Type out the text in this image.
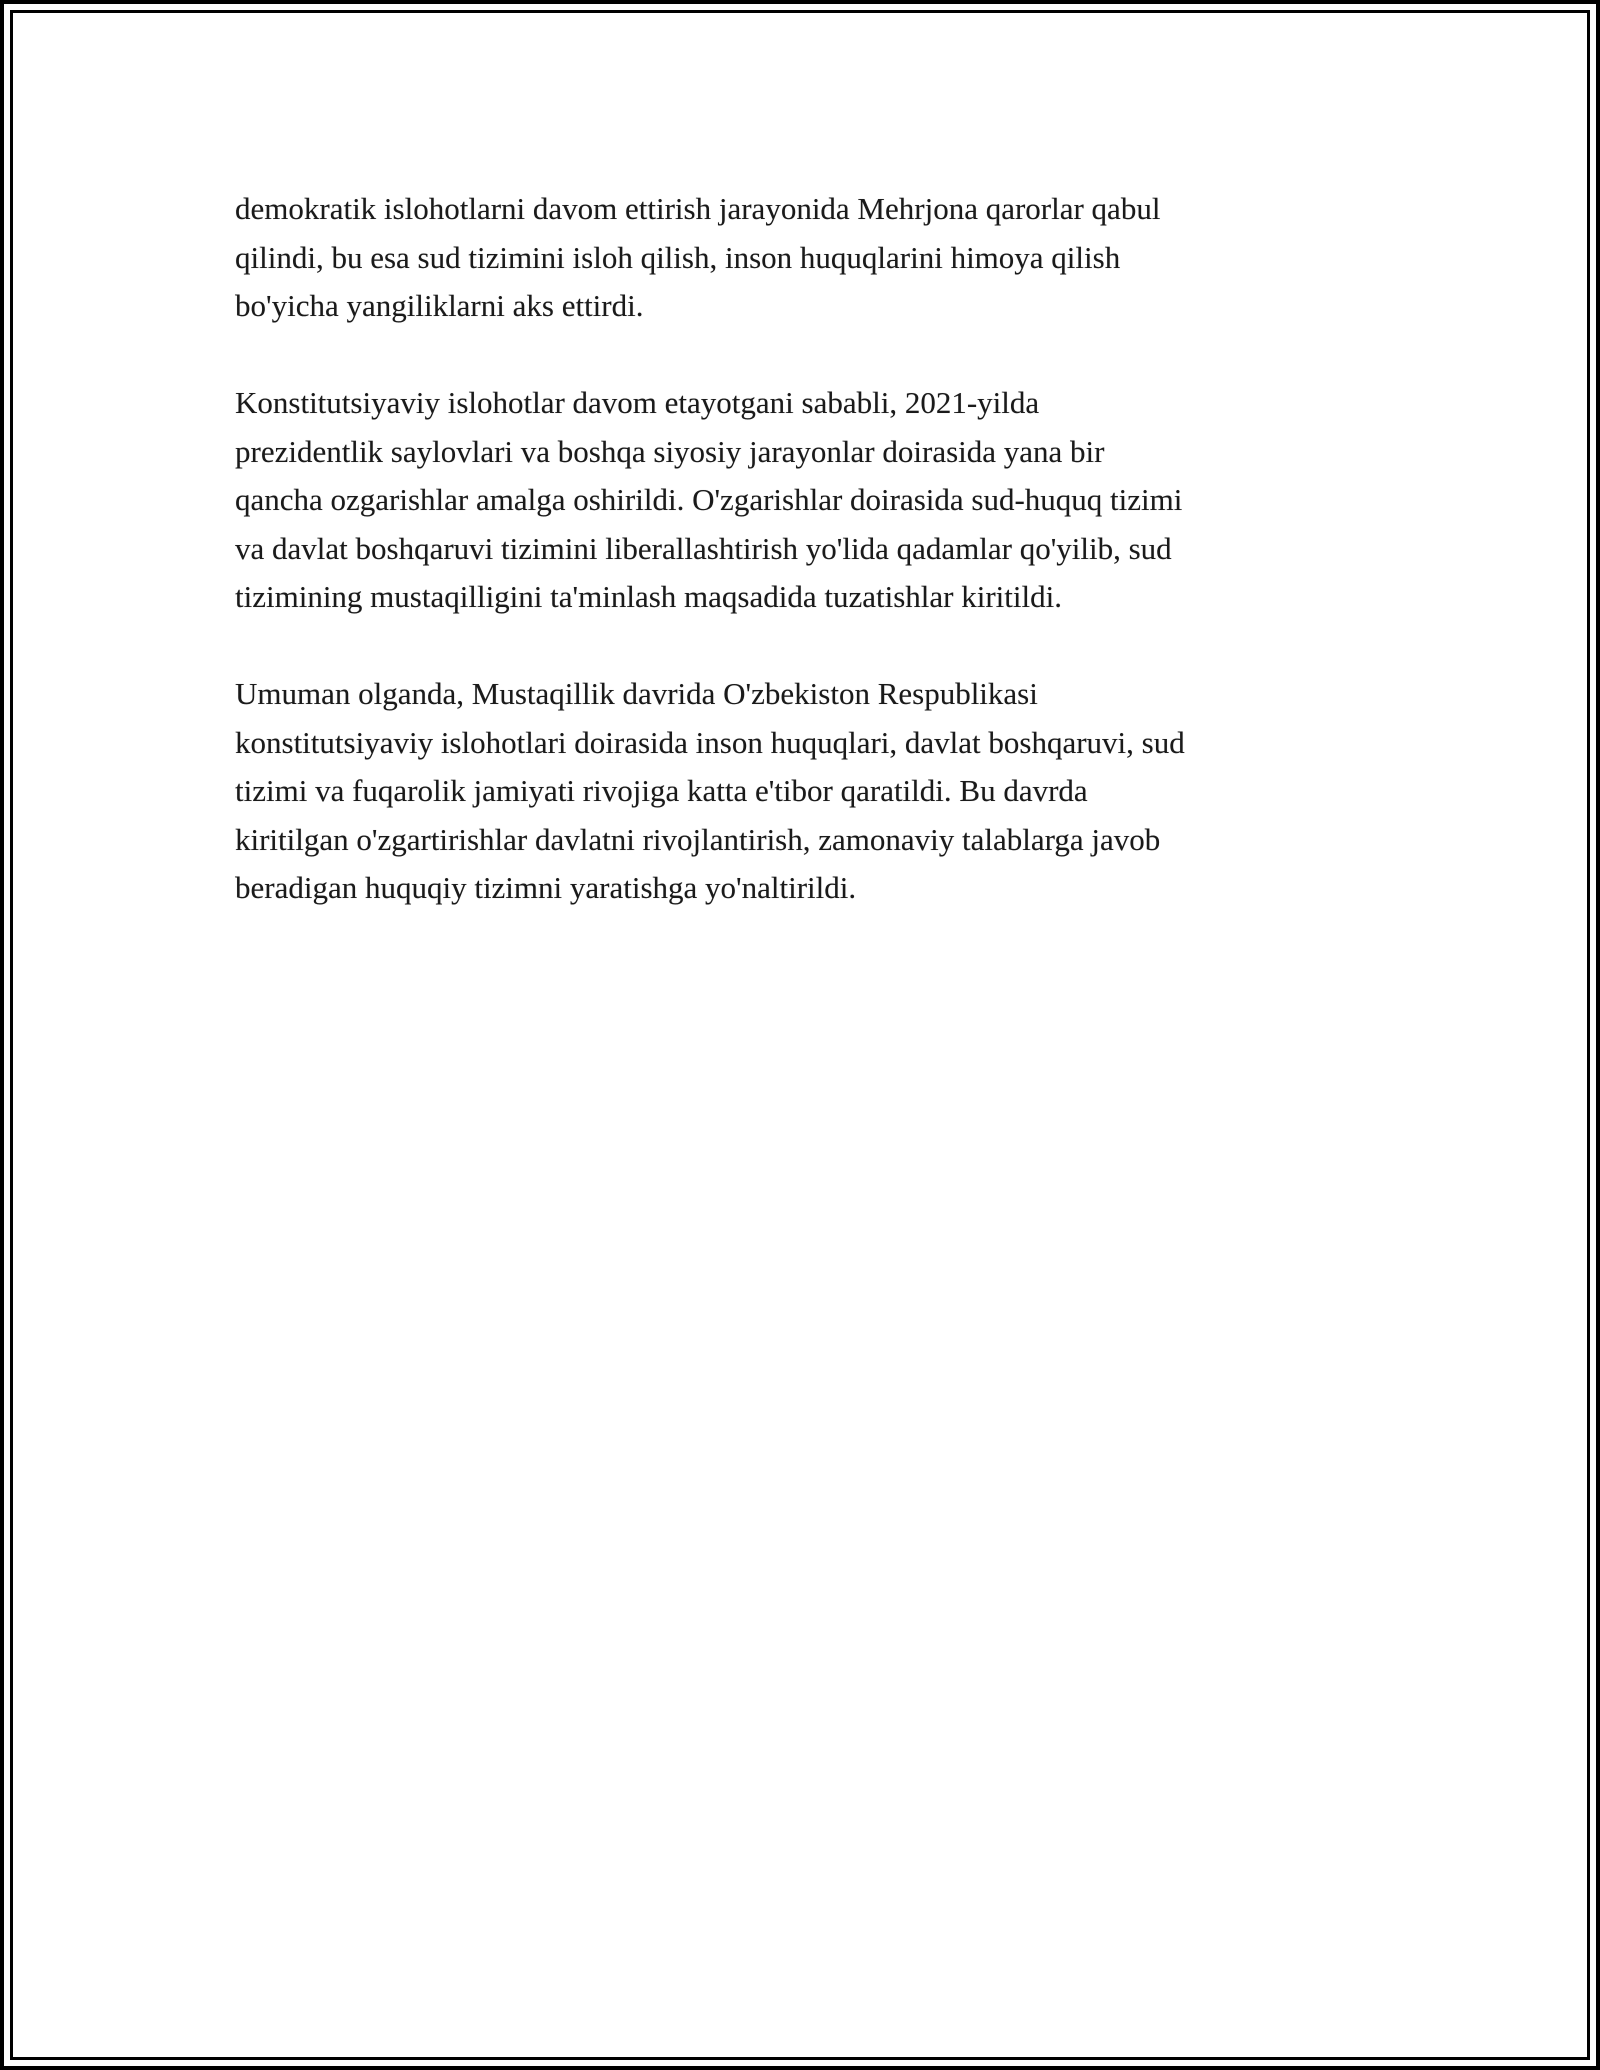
demokratik islohotlarni davom ettirish jarayonida Mehrjona qarorlar qabul
qilindi, bu esa sud tizimini isloh qilish, inson huquqlarini himoya qilish
bo'yicha yangiliklarni aks ettirdi.

Konstitutsiyaviy islohotlar davom etayotgani sababli, 2021-yilda
prezidentlik saylovlari va boshqa siyosiy jarayonlar doirasida yana bir
qancha ozgarishlar amalga oshirildi. O'zgarishlar doirasida sud-huquq tizimi
va davlat boshqaruvi tizimini liberallashtirish yo'lida qadamlar qo'yilib, sud
tizimining mustaqilligini ta'minlash maqsadida tuzatishlar kiritildi.

Umuman olganda, Mustaqillik davrida O'zbekiston Respublikasi
konstitutsiyaviy islohotlari doirasida inson huquqlari, davlat boshqaruvi, sud
tizimi va fuqarolik jamiyati rivojiga katta e'tibor qaratildi. Bu davrda
kiritilgan o'zgartirishlar davlatni rivojlantirish, zamonaviy talablarga javob
beradigan huquqiy tizimni yaratishga yo'naltirildi.
